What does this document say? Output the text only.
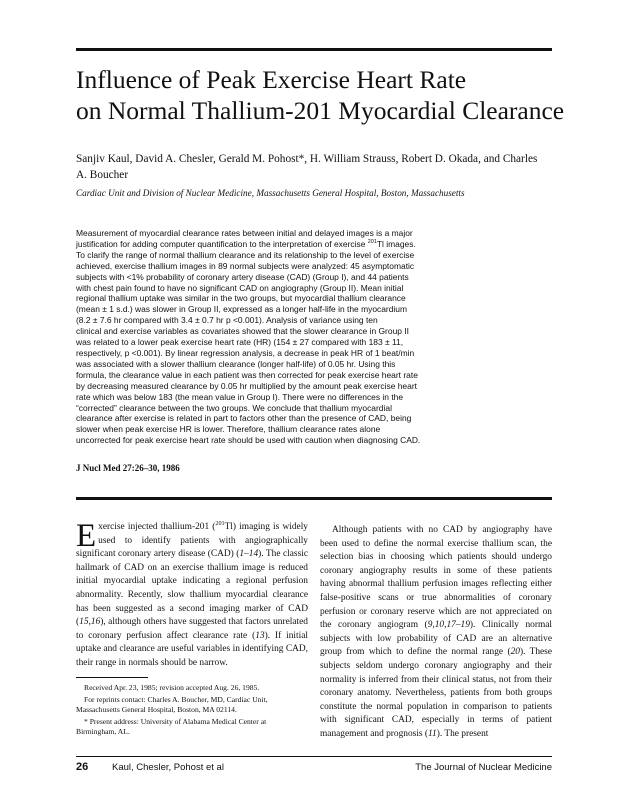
Influence of Peak Exercise Heart Rate
on Normal Thallium-201 Myocardial Clearance
Sanjiv Kaul, David A. Chesler, Gerald M. Pohost*, H. William Strauss, Robert D. Okada, and Charles A. Boucher
Cardiac Unit and Division of Nuclear Medicine, Massachusetts General Hospital, Boston, Massachusetts
Measurement of myocardial clearance rates between initial and delayed images is a major
justification for adding computer quantification to the interpretation of exercise $^{201}$Tl images.
To clarify the range of normal thallium clearance and its relationship to the level of exercise
achieved, exercise thallium images in 89 normal subjects were analyzed: 45 asymptomatic
subjects with <1% probability of coronary artery disease (CAD) (Group I), and 44 patients
with chest pain found to have no significant CAD on angiography (Group II). Mean initial
regional thallium uptake was similar in the two groups, but myocardial thallium clearance
(mean ± 1 s.d.) was slower in Group II, expressed as a longer half-life in the myocardium
(8.2 ± 7.6 hr compared with 3.4 ± 0.7 hr p <0.001). Analysis of variance using ten
clinical and exercise variables as covariates showed that the slower clearance in Group II
was related to a lower peak exercise heart rate (HR) (154 ± 27 compared with 183 ± 11,
respectively, p <0.001). By linear regression analysis, a decrease in peak HR of 1 beat/min
was associated with a slower thallium clearance (longer half-life) of 0.05 hr. Using this
formula, the clearance value in each patient was then corrected for peak exercise heart rate
by decreasing measured clearance by 0.05 hr multiplied by the amount peak exercise heart
rate which was below 183 (the mean value in Group I). There were no differences in the
“corrected” clearance between the two groups. We conclude that thallium myocardial
clearance after exercise is related in part to factors other than the presence of CAD, being
slower when peak exercise HR is lower. Therefore, thallium clearance rates alone
uncorrected for peak exercise heart rate should be used with caution when diagnosing CAD.
J Nucl Med 27:26–30, 1986
Exercise injected thallium-201 ($^{201}$Tl) imaging is widely used to identify patients with angiographically significant coronary artery disease (CAD) (1–14). The classic hallmark of CAD on an exercise thallium image is reduced initial myocardial uptake indicating a regional perfusion abnormality. Recently, slow thallium myocardial clearance has been suggested as a second imaging marker of CAD (15,16), although others have suggested that factors unrelated to coronary perfusion affect clearance rate (13). If initial uptake and clearance are useful variables in identifying CAD, their range in normals should be narrow.
Although patients with no CAD by angiography have been used to define the normal exercise thallium scan, the selection bias in choosing which patients should undergo coronary angiography results in some of these patients having abnormal thallium perfusion images reflecting either false-positive scans or true abnormalities of coronary perfusion or coronary reserve which are not appreciated on the coronary angiogram (9,10,17–19). Clinically normal subjects with low probability of CAD are an alternative group from which to define the normal range (20). These subjects seldom undergo coronary angiography and their normality is inferred from their clinical status, not from their coronary anatomy. Nevertheless, patients from both groups constitute the normal population in comparison to patients with significant CAD, especially in terms of patient management and prognosis (11). The present

Received Apr. 23, 1985; revision accepted Aug. 26, 1985.

For reprints contact: Charles A. Boucher, MD, Cardiac Unit, Massachusetts General Hospital, Boston, MA 02114.

* Present address: University of Alabama Medical Center at Birmingham, AL.

26	Kaul, Chesler, Pohost et al	The Journal of Nuclear Medicine
